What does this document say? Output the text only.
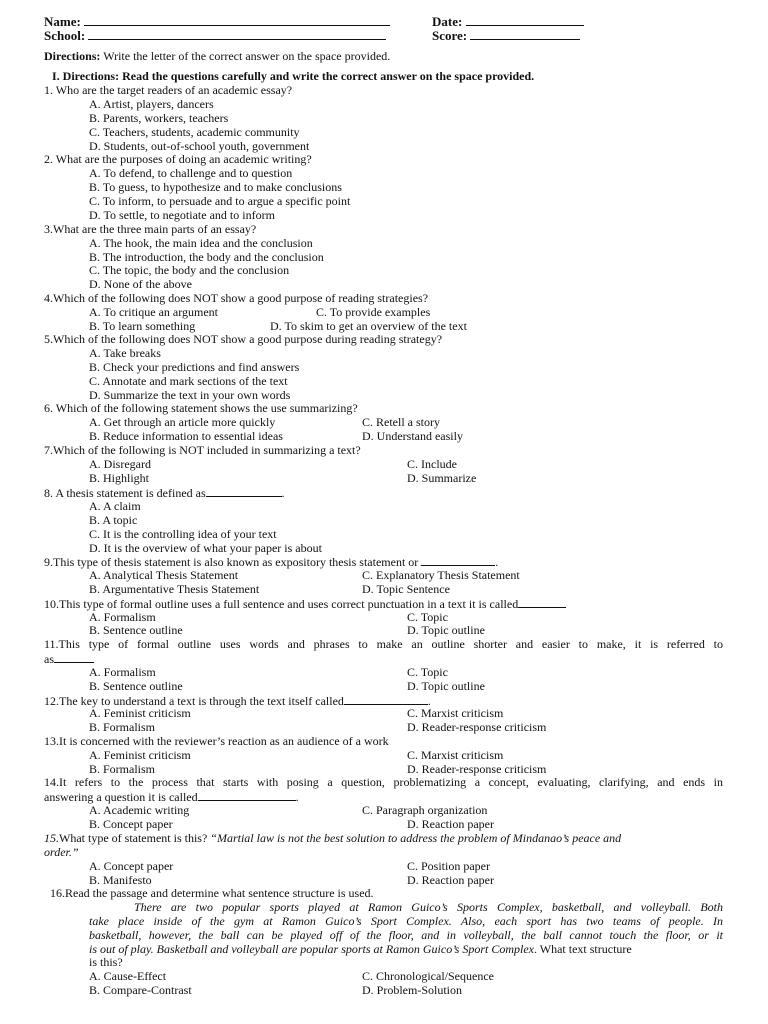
Name:	Date:
School:	Score:
Directions: Write the letter of the correct answer on the space provided.
I. Directions: Read the questions carefully and write the correct answer on the space provided.
1. Who are the target readers of an academic essay?
A. Artist, players, dancers
B. Parents, workers, teachers
C. Teachers, students, academic community
D. Students, out-of-school youth, government
2. What are the purposes of doing an academic writing?
A. To defend, to challenge and to question
B. To guess, to hypothesize and to make conclusions
C. To inform, to persuade and to argue a specific point
D. To settle, to negotiate and to inform
3.What are the three main parts of an essay?
A. The hook, the main idea and the conclusion
B. The introduction, the body and the conclusion
C. The topic, the body and the conclusion
D. None of the above
4.Which of the following does NOT show a good purpose of reading strategies?
A. To critique an argument	C. To provide examples
B. To learn something	D. To skim to get an overview of the text
5.Which of the following does NOT show a good purpose during reading strategy?
A. Take breaks
B. Check your predictions and find answers
C. Annotate and mark sections of the text
D. Summarize the text in your own words
6. Which of the following statement shows the use summarizing?
A. Get through an article more quickly	C. Retell a story
B. Reduce information to essential ideas	D. Understand easily
7.Which of the following is NOT included in summarizing a text?
A. Disregard	C. Include
B. Highlight	D. Summarize
8. A thesis statement is defined as	.
A. A claim
B. A topic
C. It is the controlling idea of your text
D. It is the overview of what your paper is about
9.This type of thesis statement is also known as expository thesis statement or	.
A. Analytical Thesis Statement	C. Explanatory Thesis Statement
B. Argumentative Thesis Statement	D. Topic Sentence
10.This type of formal outline uses a full sentence and uses correct punctuation in a text it is called
A. Formalism	C. Topic
B. Sentence outline	D. Topic outline
11.This type of formal outline uses words and phrases to make an outline shorter and easier to make, it is referred to
as
A. Formalism	C. Topic
B. Sentence outline	D. Topic outline
12.The key to understand a text is through the text itself called	.
A. Feminist criticism	C. Marxist criticism
B. Formalism	D. Reader-response criticism
13.It is concerned with the reviewer’s reaction as an audience of a work
A. Feminist criticism	C. Marxist criticism
B. Formalism	D. Reader-response criticism
14.It refers to the process that starts with posing a question, problematizing a concept, evaluating, clarifying, and ends in
answering a question it is called	.
A. Academic writing	C. Paragraph organization
B. Concept paper	D. Reaction paper
15.What type of statement is this? “Martial law is not the best solution to address the problem of Mindanao’s peace and
order.”
A. Concept paper	C. Position paper
B. Manifesto	D. Reaction paper
16.Read the passage and determine what sentence structure is used.
There are two popular sports played at Ramon Guico’s Sports Complex, basketball, and volleyball. Both
take place inside of the gym at Ramon Guico’s Sport Complex. Also, each sport has two teams of people. In
basketball, however, the ball can be played off of the floor, and in volleyball, the ball cannot touch the floor, or it
is out of play. Basketball and volleyball are popular sports at Ramon Guico’s Sport Complex. What text structure
is this?
A. Cause-Effect	C. Chronological/Sequence
B. Compare-Contrast	D. Problem-Solution
